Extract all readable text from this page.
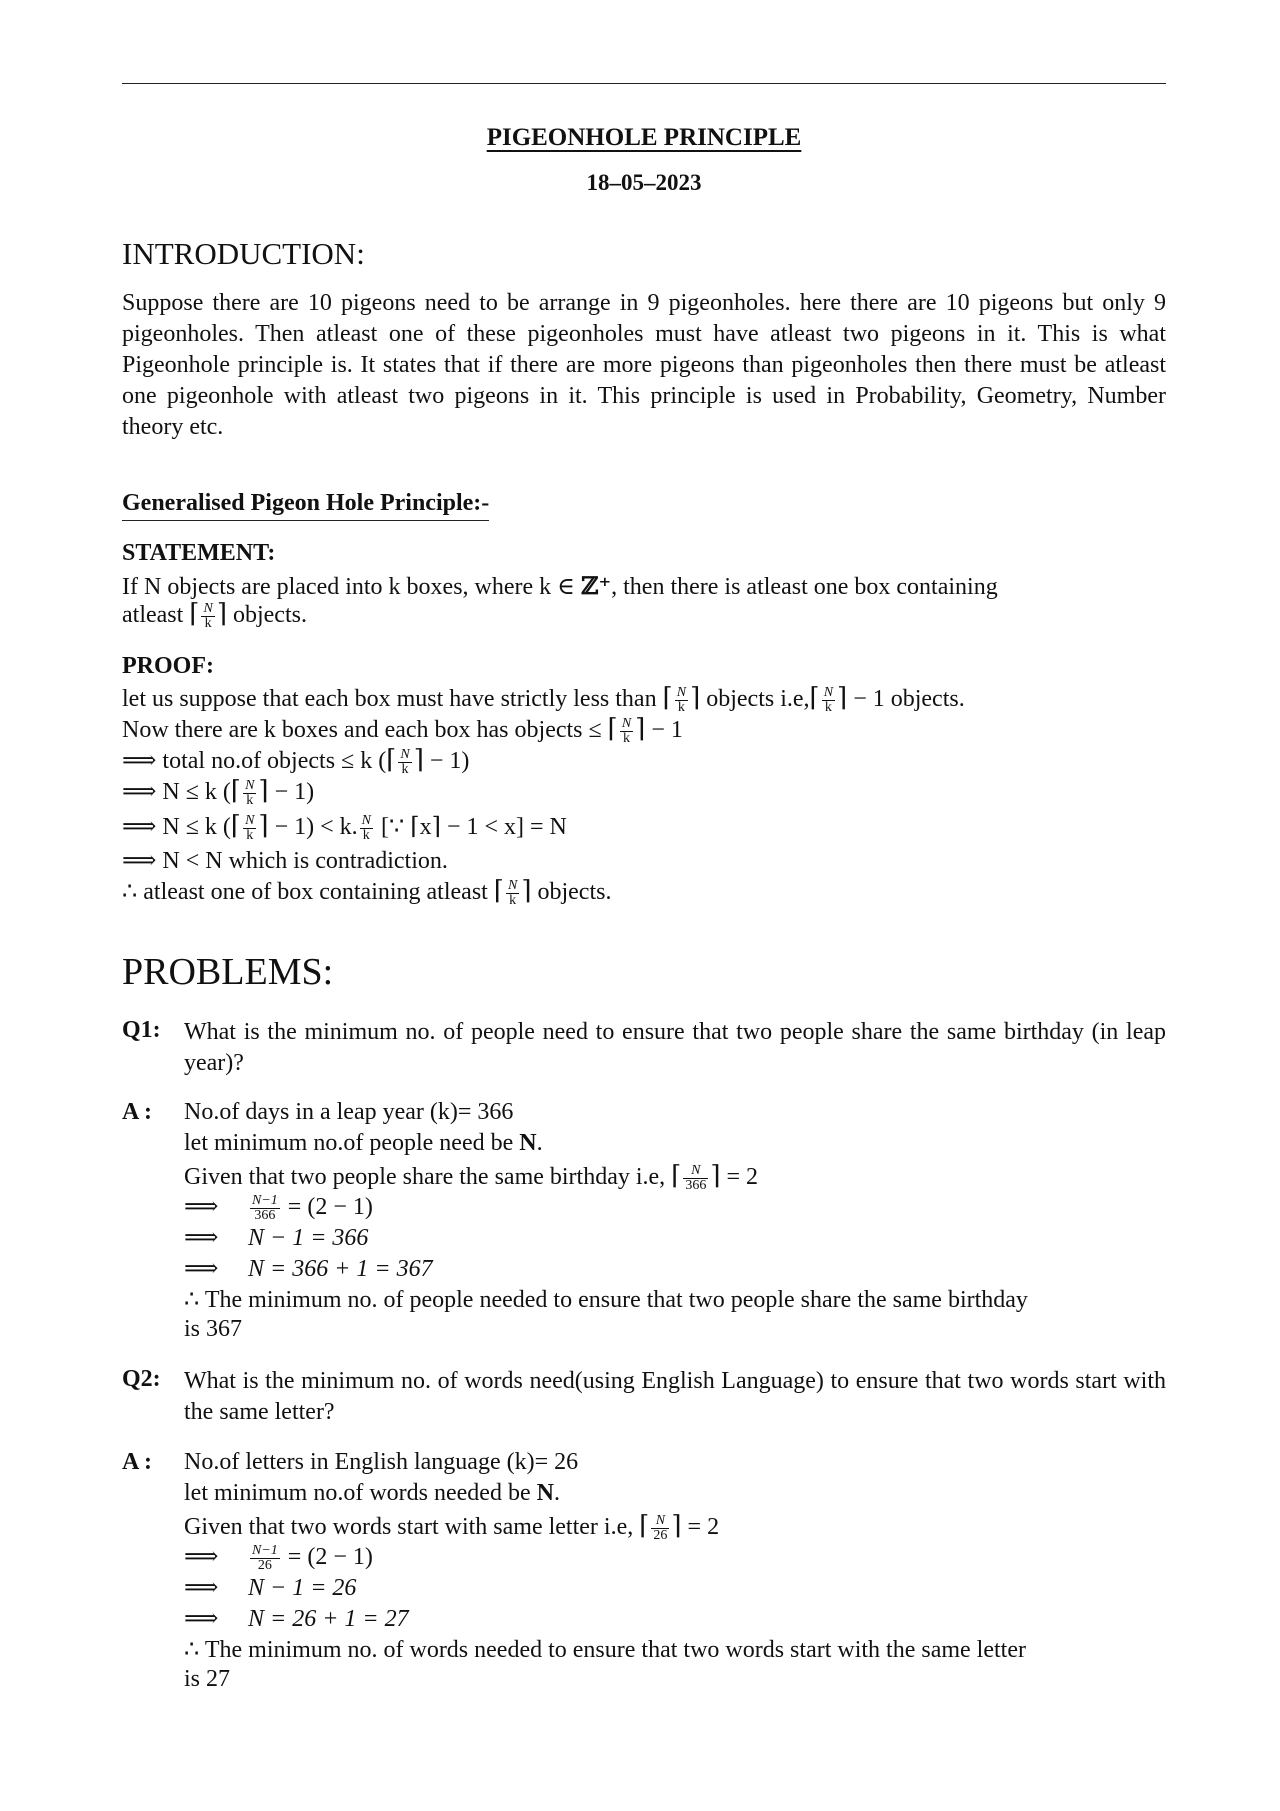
PIGEONHOLE PRINCIPLE
18–05–2023
INTRODUCTION:
Suppose there are 10 pigeons need to be arrange in 9 pigeonholes. here there are 10 pigeons but only 9 pigeonholes. Then atleast one of these pigeonholes must have atleast two pigeons in it. This is what Pigeonhole principle is. It states that if there are more pigeons than pigeonholes then there must be atleast one pigeonhole with atleast two pigeons in it. This principle is used in Probability, Geometry, Number theory etc.
Generalised Pigeon Hole Principle:-
STATEMENT:
If N objects are placed into k boxes, where k ∈ ℤ⁺, then there is atleast one box containing
atleast ⌈ $\frac{N}{k}$ ⌉ objects.
PROOF:
let us suppose that each box must have strictly less than ⌈ $\frac{N}{k}$ ⌉ objects i.e,⌈ $\frac{N}{k}$ ⌉ − 1 objects.
Now there are k boxes and each box has objects ≤ ⌈ $\frac{N}{k}$ ⌉ − 1
⟹ total no.of objects ≤ k (⌈ $\frac{N}{k}$ ⌉ − 1)
⟹ N ≤ k (⌈ $\frac{N}{k}$ ⌉ − 1)
⟹ N ≤ k (⌈ $\frac{N}{k}$ ⌉ − 1) < k. $\frac{N}{k}$ [∵ ⌈x⌉ − 1 < x] = N
⟹ N < N which is contradiction.
∴ atleast one of box containing atleast ⌈ $\frac{N}{k}$ ⌉ objects.
PROBLEMS:
Q1: What is the minimum no. of people need to ensure that two people share the same birthday (in leap year)?
A : No.of days in a leap year (k)= 366
let minimum no.of people need be N.
Given that two people share the same birthday i.e, ⌈ $\frac{N}{366}$ ⌉ = 2
⟹ $\frac{N-1}{366} = (2 - 1)$
⟹ N − 1 = 366
⟹ N = 366 + 1 = 367
∴ The minimum no. of people needed to ensure that two people share the same birthday
is 367
Q2: What is the minimum no. of words need(using English Language) to ensure that two words start with the same letter?
A : No.of letters in English language (k)= 26
let minimum no.of words needed be N.
Given that two words start with same letter i.e, ⌈ $\frac{N}{26}$ ⌉ = 2
⟹ $\frac{N-1}{26} = (2 - 1)$
⟹ N − 1 = 26
⟹ N = 26 + 1 = 27
∴ The minimum no. of words needed to ensure that two words start with the same letter
is 27
